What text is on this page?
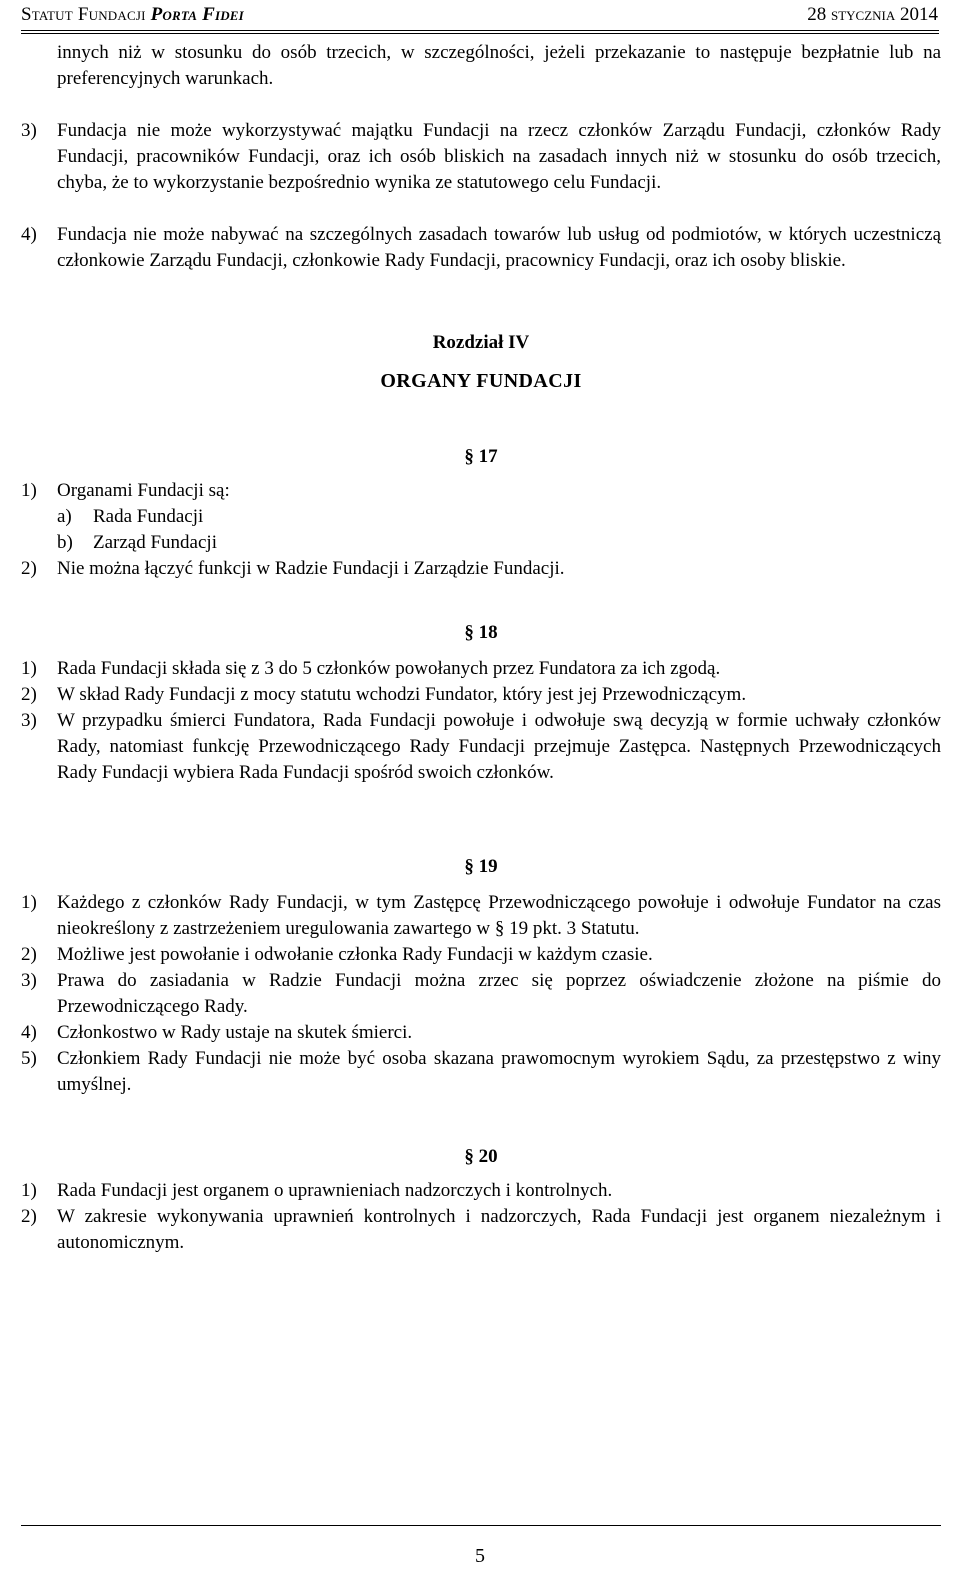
Statut Fundacji Porta Fidei	28 stycznia 2014

innych niż w stosunku do osób trzecich, w szczególności, jeżeli przekazanie to następuje bezpłatnie lub na preferencyjnych warunkach.

3) Fundacja nie może wykorzystywać majątku Fundacji na rzecz członków Zarządu Fundacji, członków Rady Fundacji, pracowników Fundacji, oraz ich osób bliskich na zasadach innych niż w stosunku do osób trzecich, chyba, że to wykorzystanie bezpośrednio wynika ze statutowego celu Fundacji.
4) Fundacja nie może nabywać na szczególnych zasadach towarów lub usług od podmiotów, w których uczestniczą członkowie Zarządu Fundacji, członkowie Rady Fundacji, pracownicy Fundacji, oraz ich osoby bliskie.
Rozdział IV
ORGANY FUNDACJI
§ 17
1) Organami Fundacji są:
a) Rada Fundacji
b) Zarząd Fundacji
2) Nie można łączyć funkcji w Radzie Fundacji i Zarządzie Fundacji.
§ 18
1) Rada Fundacji składa się z 3 do 5 członków powołanych przez Fundatora za ich zgodą.
2) W skład Rady Fundacji z mocy statutu wchodzi Fundator, który jest jej Przewodniczącym.
3) W przypadku śmierci Fundatora, Rada Fundacji powołuje i odwołuje swą decyzją w formie uchwały członków Rady, natomiast funkcję Przewodniczącego Rady Fundacji przejmuje Zastępca. Następnych Przewodniczących Rady Fundacji wybiera Rada Fundacji spośród swoich członków.
§ 19
1) Każdego z członków Rady Fundacji, w tym Zastępcę Przewodniczącego powołuje i odwołuje Fundator na czas nieokreślony z zastrzeżeniem uregulowania zawartego w § 19 pkt. 3 Statutu.
2) Możliwe jest powołanie i odwołanie członka Rady Fundacji w każdym czasie.
3) Prawa do zasiadania w Radzie Fundacji można zrzec się poprzez oświadczenie złożone na piśmie do Przewodniczącego Rady.
4) Członkostwo w Rady ustaje na skutek śmierci.
5) Członkiem Rady Fundacji nie może być osoba skazana prawomocnym wyrokiem Sądu, za przestępstwo z winy umyślnej.
§ 20
1) Rada Fundacji jest organem o uprawnieniach nadzorczych i kontrolnych.
2) W zakresie wykonywania uprawnień kontrolnych i nadzorczych, Rada Fundacji jest organem niezależnym i autonomicznym.
5
